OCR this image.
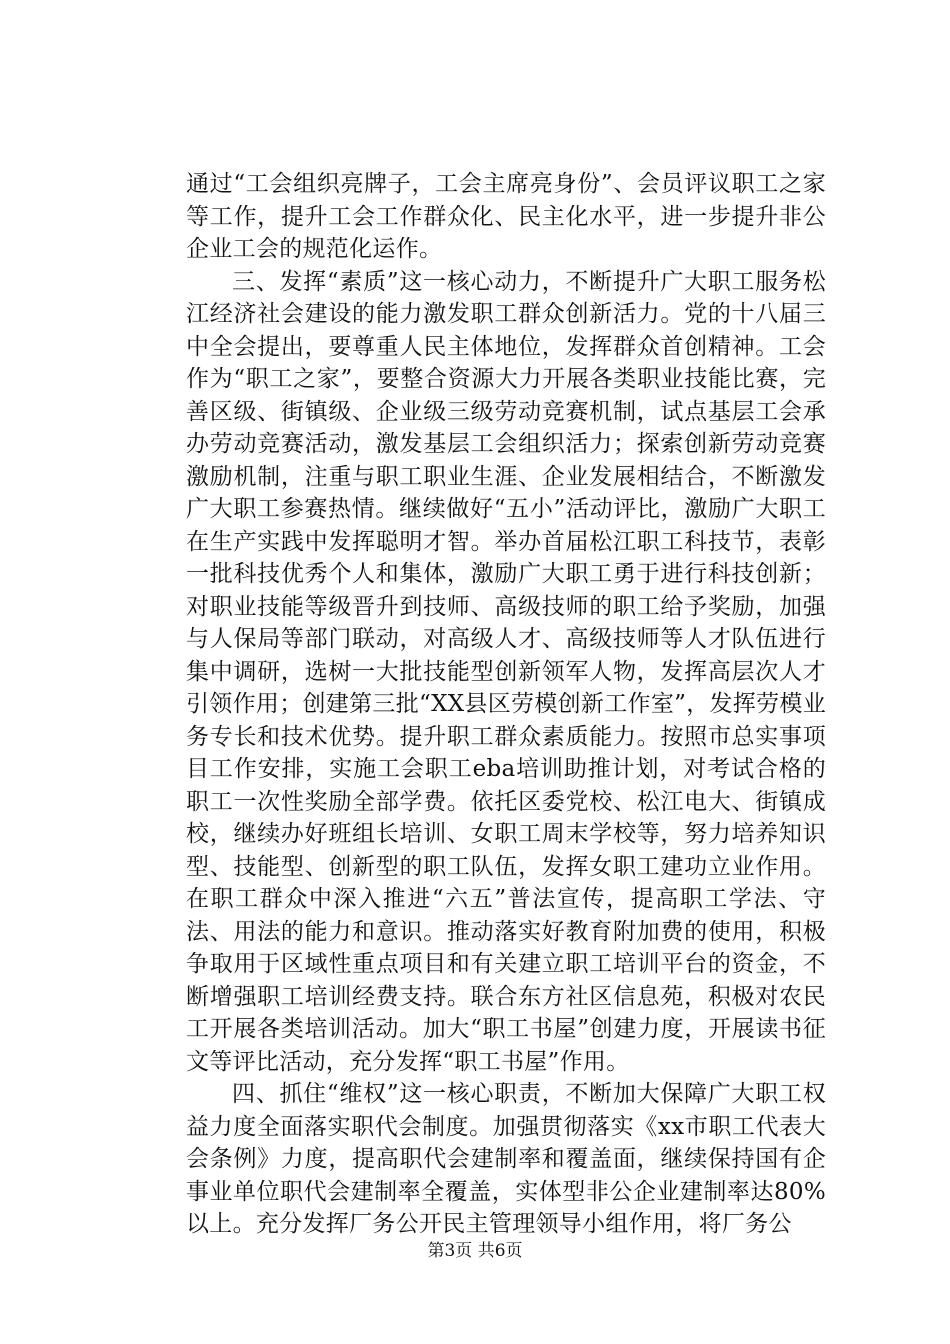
通过“工会组织亮牌子，工会主席亮身份”、会员评议职工之家等工作，提升工会工作群众化、民主化水平，进一步提升非公企业工会的规范化运作。

三、发挥“素质”这一核心动力，不断提升广大职工服务松江经济社会建设的能力激发职工群众创新活力。党的十八届三中全会提出，要尊重人民主体地位，发挥群众首创精神。工会作为“职工之家”，要整合资源大力开展各类职业技能比赛，完善区级、街镇级、企业级三级劳动竞赛机制，试点基层工会承办劳动竞赛活动，激发基层工会组织活力；探索创新劳动竞赛激励机制，注重与职工职业生涯、企业发展相结合，不断激发广大职工参赛热情。继续做好“五小”活动评比，激励广大职工在生产实践中发挥聪明才智。举办首届松江职工科技节，表彰一批科技优秀个人和集体，激励广大职工勇于进行科技创新；对职业技能等级晋升到技师、高级技师的职工给予奖励，加强与人保局等部门联动，对高级人才、高级技师等人才队伍进行集中调研，选树一大批技能型创新领军人物，发挥高层次人才引领作用；创建第三批“XX县区劳模创新工作室”，发挥劳模业务专长和技术优势。提升职工群众素质能力。按照市总实事项目工作安排，实施工会职工eba培训助推计划，对考试合格的职工一次性奖励全部学费。依托区委党校、松江电大、街镇成校，继续办好班组长培训、女职工周末学校等，努力培养知识型、技能型、创新型的职工队伍，发挥女职工建功立业作用。在职工群众中深入推进“六五”普法宣传，提高职工学法、守法、用法的能力和意识。推动落实好教育附加费的使用，积极争取用于区域性重点项目和有关建立职工培训平台的资金，不断增强职工培训经费支持。联合东方社区信息苑，积极对农民工开展各类培训活动。加大“职工书屋”创建力度，开展读书征文等评比活动，充分发挥“职工书屋”作用。

四、抓住“维权”这一核心职责，不断加大保障广大职工权益力度全面落实职代会制度。加强贯彻落实《xx市职工代表大会条例》力度，提高职代会建制率和覆盖面，继续保持国有企事业单位职代会建制率全覆盖，实体型非公企业建制率达80%以上。充分发挥厂务公开民主管理领导小组作用，将厂务公

第3页 共6页
